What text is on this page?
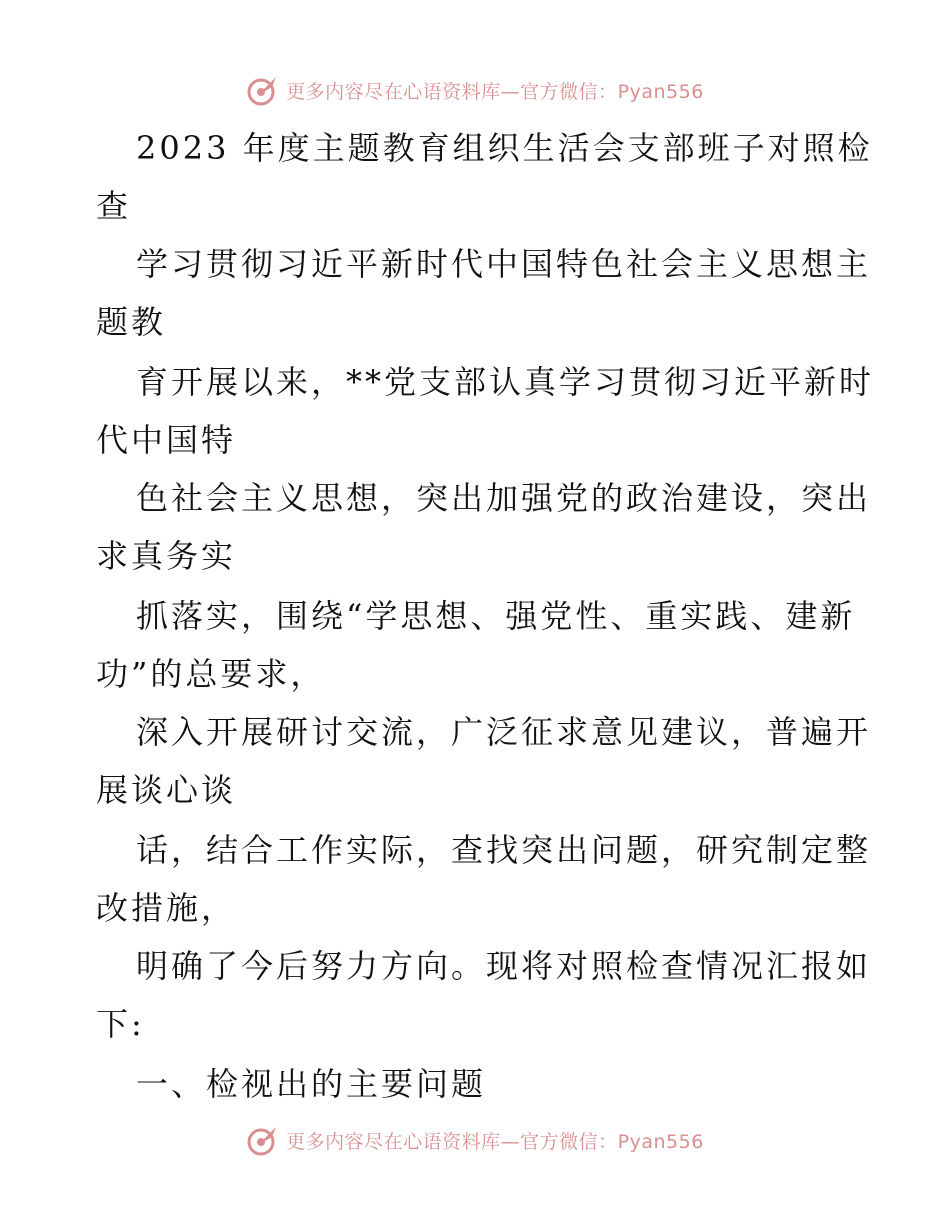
更多内容尽在心语资料库—官方微信：Pyan556
2023 年度主题教育组织生活会支部班子对照检
查
学习贯彻习近平新时代中国特色社会主义思想主
题教
育开展以来，**党支部认真学习贯彻习近平新时
代中国特
色社会主义思想，突出加强党的政治建设，突出
求真务实
抓落实，围绕“学思想、强党性、重实践、建新
功”的总要求，
深入开展研讨交流，广泛征求意见建议，普遍开
展谈心谈
话，结合工作实际，查找突出问题，研究制定整
改措施，
明确了今后努力方向。现将对照检查情况汇报如
下:
一、检视出的主要问题
更多内容尽在心语资料库—官方微信：Pyan556
